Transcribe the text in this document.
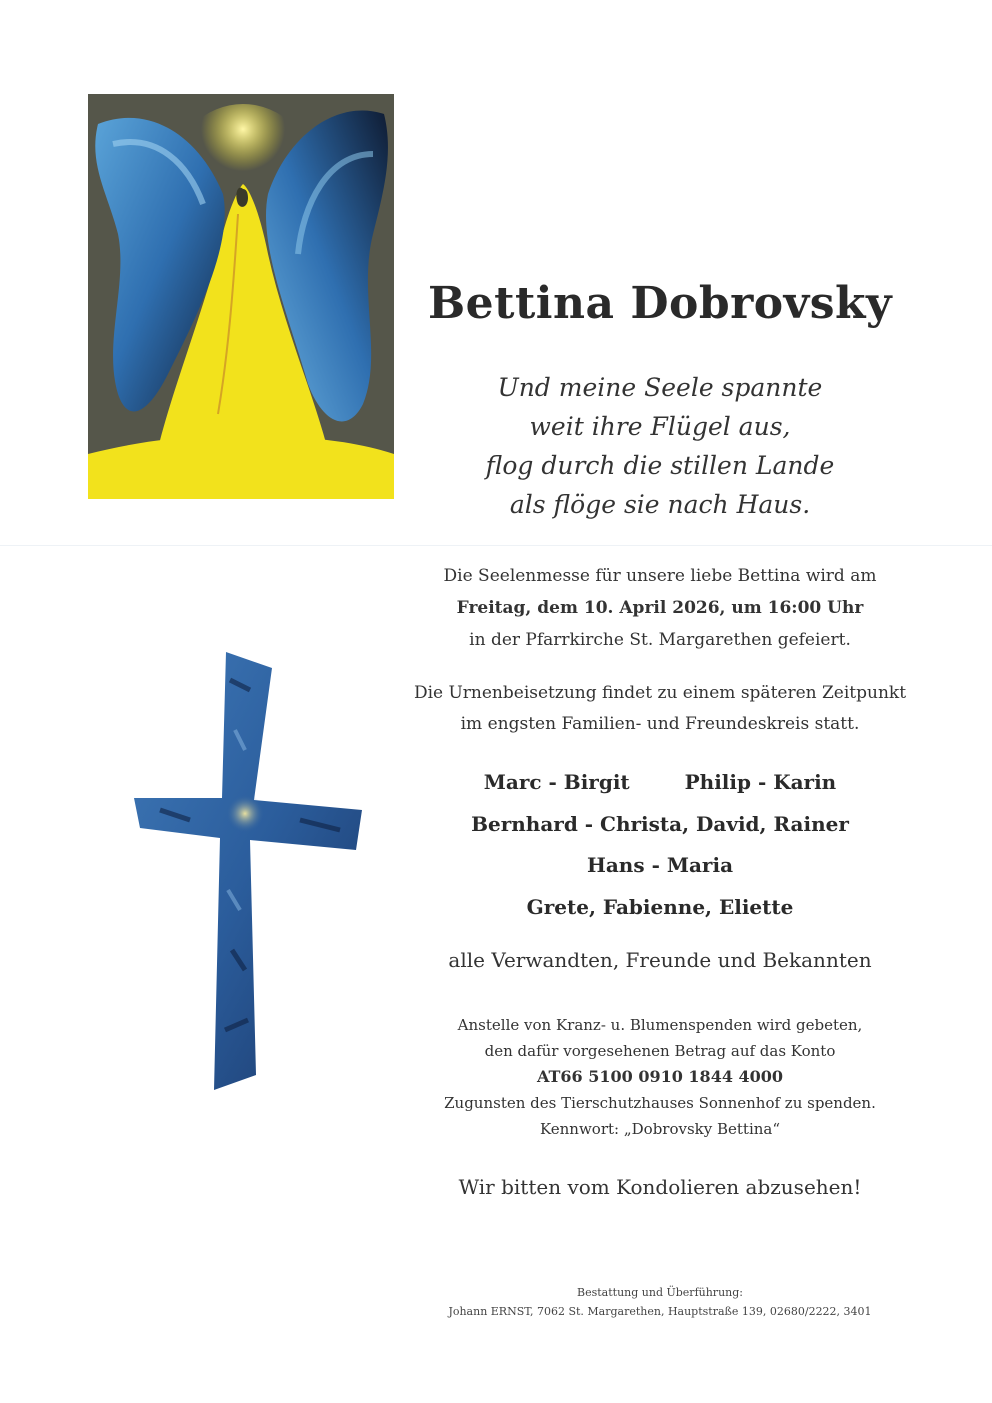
Bettina Dobrovsky
Und meine Seele spannte
weit ihre Flügel aus,
flog durch die stillen Lande
als flöge sie nach Haus.
Die Seelenmesse für unsere liebe Bettina wird am
Freitag, dem 10. April 2026, um 16:00 Uhr
in der Pfarrkirche St. Margarethen gefeiert.
Die Urnenbeisetzung findet zu einem späteren Zeitpunkt
im engsten Familien- und Freundeskreis statt.
Marc - Birgit	Philip - Karin
Bernhard - Christa, David, Rainer
Hans - Maria
Grete, Fabienne, Eliette
alle Verwandten, Freunde und Bekannten
Anstelle von Kranz- u. Blumenspenden wird gebeten,
den dafür vorgesehenen Betrag auf das Konto
AT66 5100 0910 1844 4000
Zugunsten des Tierschutzhauses Sonnenhof zu spenden.
Kennwort: „Dobrovsky Bettina“
Wir bitten vom Kondolieren abzusehen!
Bestattung und Überführung:
Johann ERNST, 7062 St. Margarethen, Hauptstraße 139, 02680/2222, 3401
